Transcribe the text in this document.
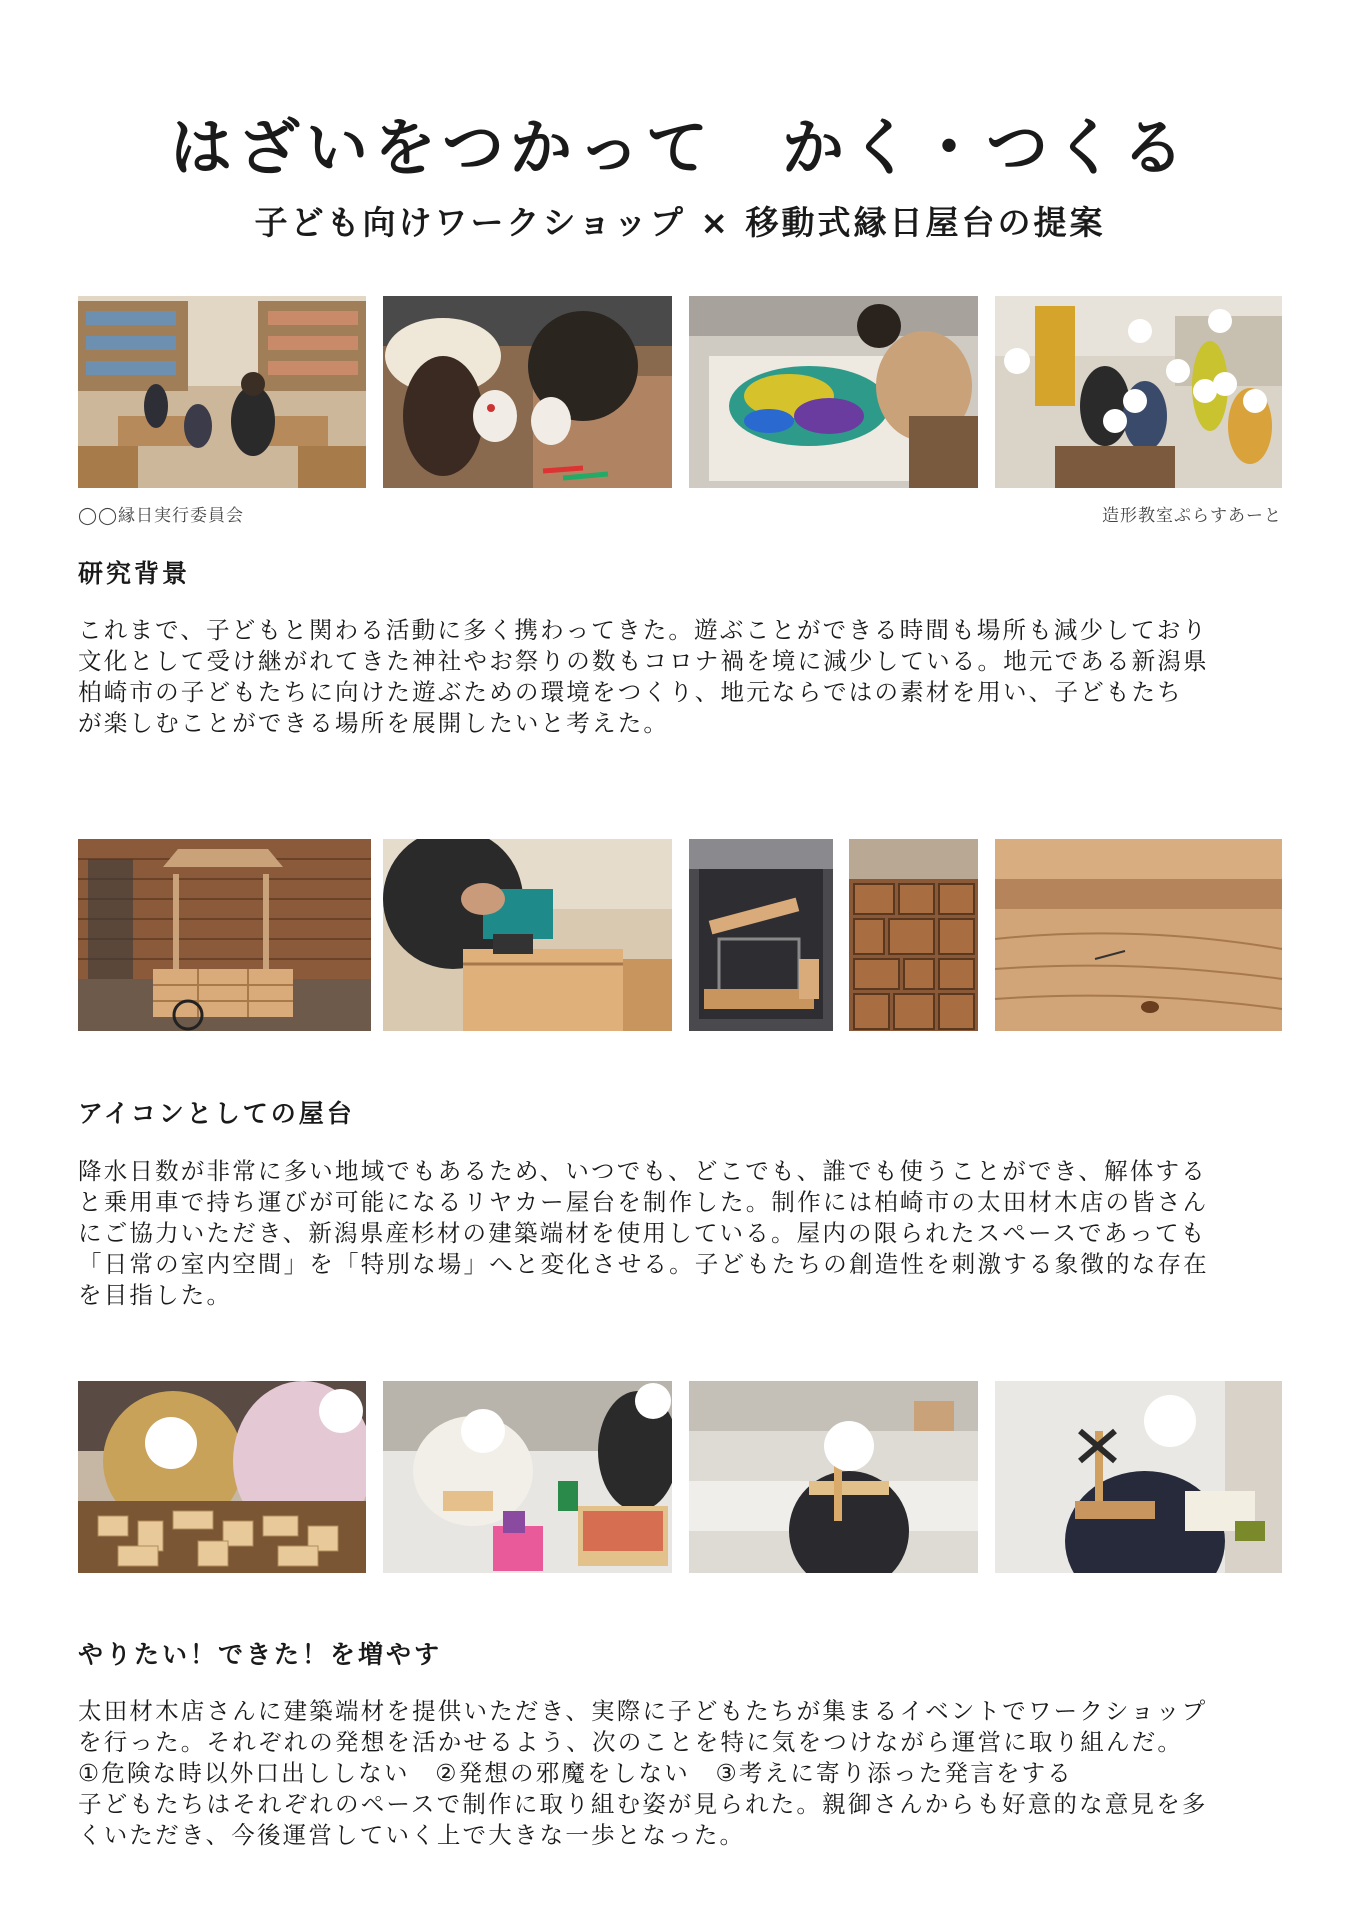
はざいをつかって　かく・つくる
子ども向けワークショップ × 移動式縁日屋台の提案
◯◯縁日実行委員会	造形教室ぷらすあーと
研究背景

これまで、子どもと関わる活動に多く携わってきた。遊ぶことができる時間も場所も減少しており

文化として受け継がれてきた神社やお祭りの数もコロナ禍を境に減少している。地元である新潟県

柏崎市の子どもたちに向けた遊ぶための環境をつくり、地元ならではの素材を用い、子どもたち

が楽しむことができる場所を展開したいと考えた。

アイコンとしての屋台

降水日数が非常に多い地域でもあるため、いつでも、どこでも、誰でも使うことができ、解体する

と乗用車で持ち運びが可能になるリヤカー屋台を制作した。制作には柏崎市の太田材木店の皆さん

にご協力いただき、新潟県産杉材の建築端材を使用している。屋内の限られたスペースであっても

「日常の室内空間」を「特別な場」へと変化させる。子どもたちの創造性を刺激する象徴的な存在

を目指した。

やりたい！できた！を増やす

太田材木店さんに建築端材を提供いただき、実際に子どもたちが集まるイベントでワークショップ

を行った。それぞれの発想を活かせるよう、次のことを特に気をつけながら運営に取り組んだ。

①危険な時以外口出ししない　②発想の邪魔をしない　③考えに寄り添った発言をする

子どもたちはそれぞれのペースで制作に取り組む姿が見られた。親御さんからも好意的な意見を多

くいただき、今後運営していく上で大きな一歩となった。
